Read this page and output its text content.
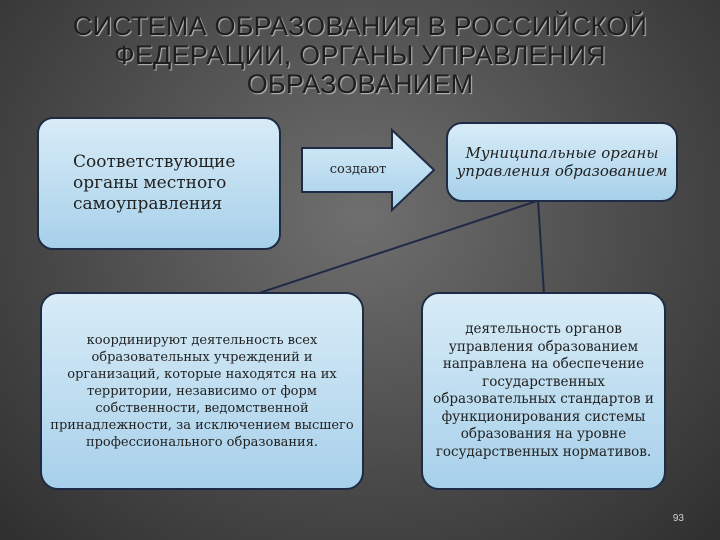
СИСТЕМА ОБРАЗОВАНИЯ В РОССИЙСКОЙ
ФЕДЕРАЦИИ, ОРГАНЫ УПРАВЛЕНИЯ
ОБРАЗОВАНИЕМ
создают
Соответствующие органы местного самоуправления
Муниципальные органы управления образованием
координируют деятельность всех образовательных учреждений и организаций, которые находятся на их территории, независимо от форм собственности, ведомственной принадлежности, за исключением высшего профессионального образования.
деятельность органов управления образованием направлена на обеспечение государственных образовательных стандартов и функционирования системы образования на уровне государственных нормативов.
93
